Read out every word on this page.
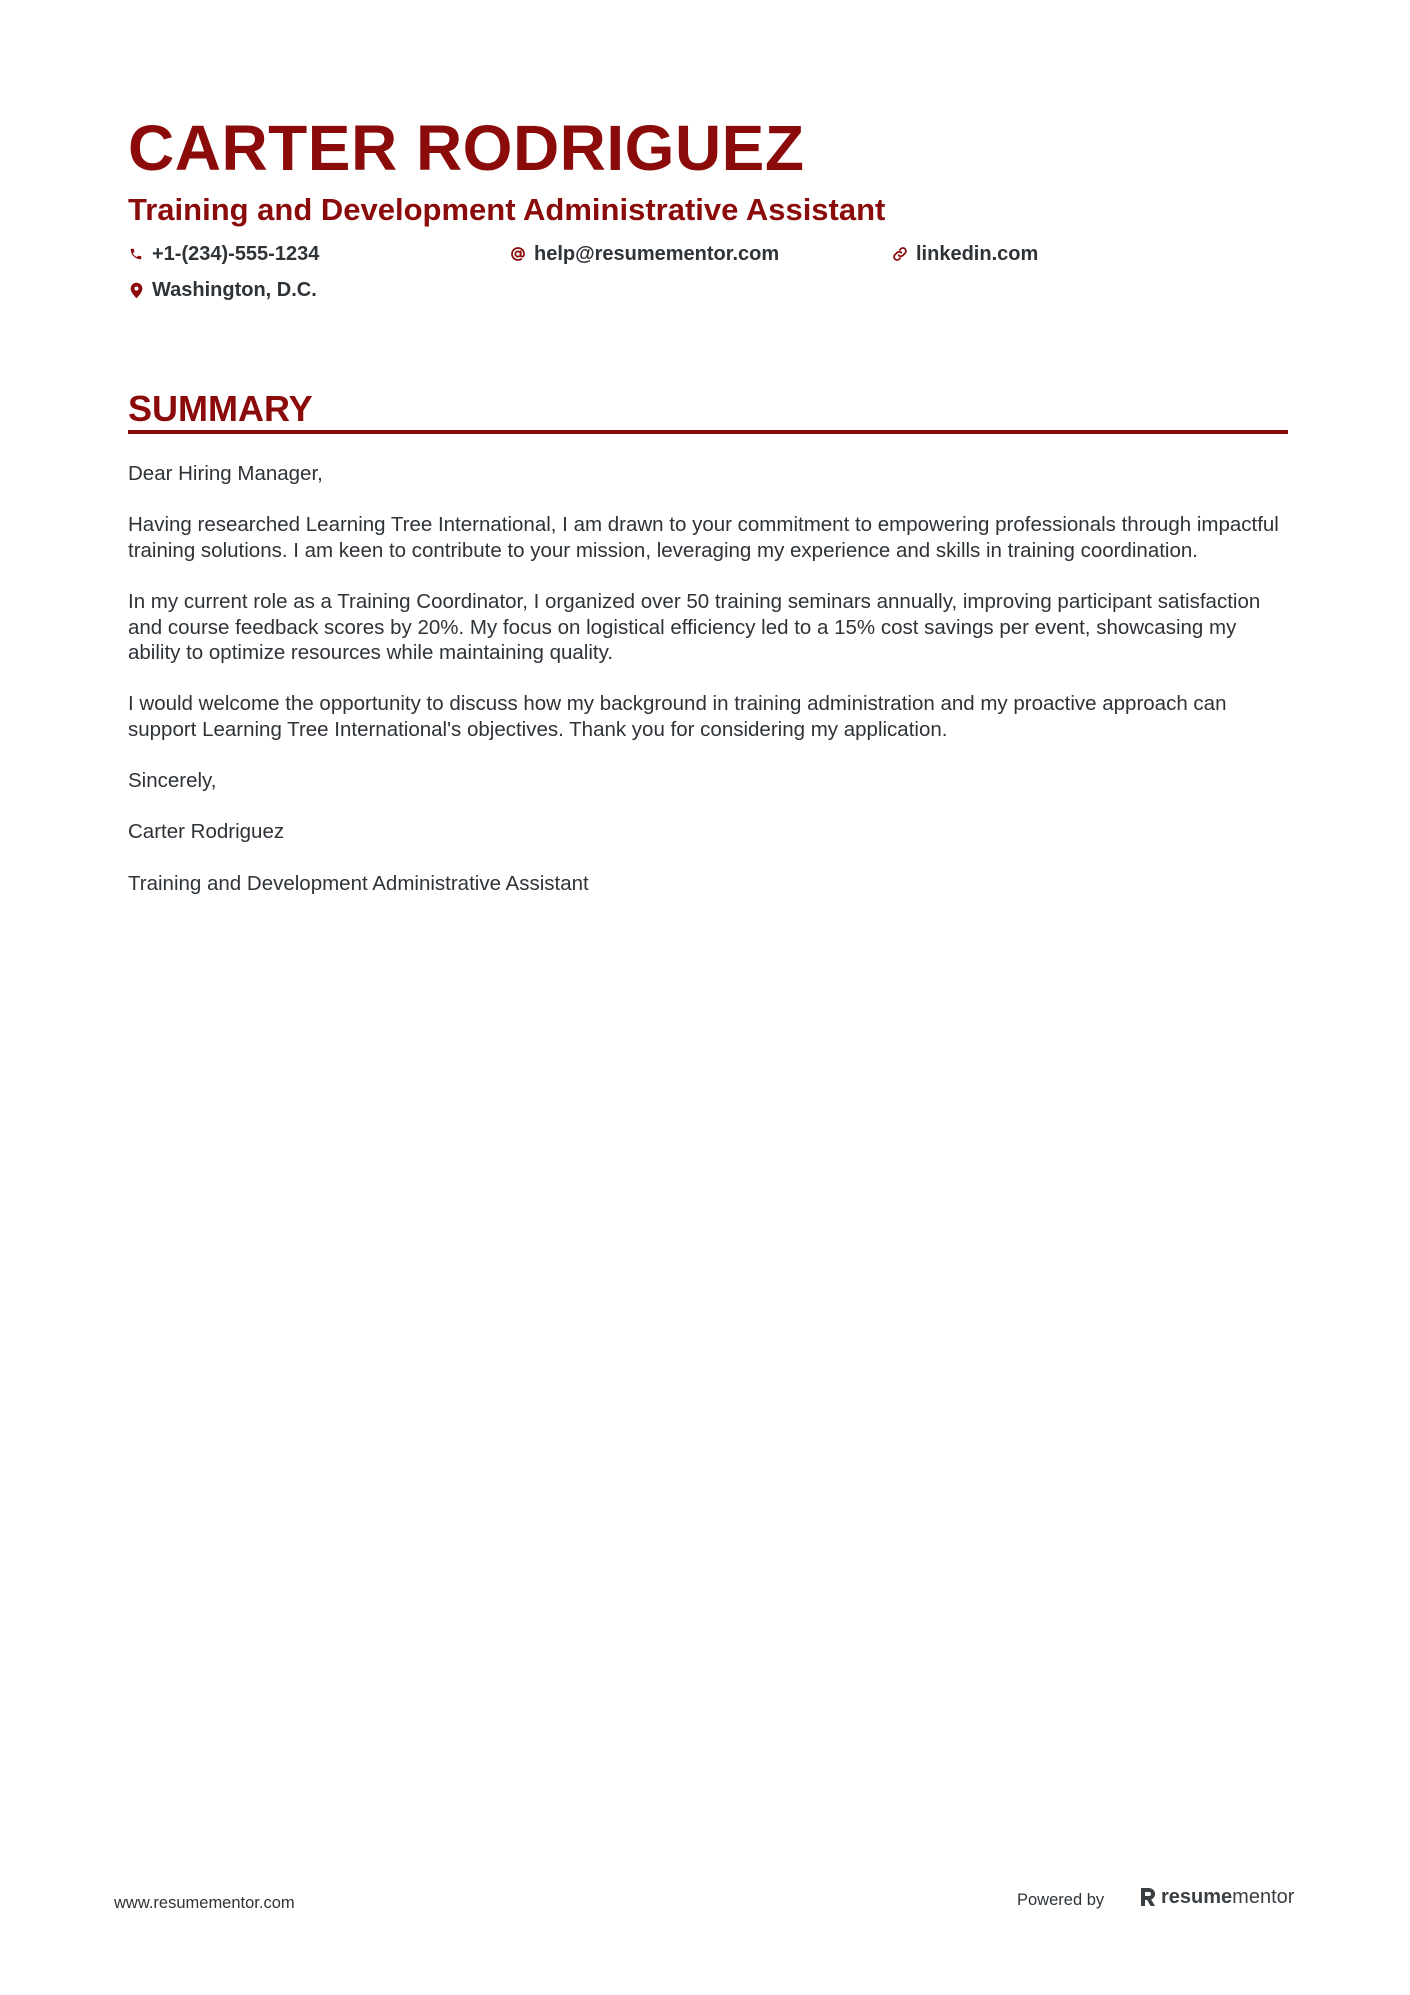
CARTER RODRIGUEZ
Training and Development Administrative Assistant
+1-(234)-555-1234	help@resumementor.com	linkedin.com
Washington, D.C.
SUMMARY

Dear Hiring Manager,

Having researched Learning Tree International, I am drawn to your commitment to empowering professionals through impactful training solutions. I am keen to contribute to your mission, leveraging my experience and skills in training coordination.

In my current role as a Training Coordinator, I organized over 50 training seminars annually, improving participant satisfaction and course feedback scores by 20%. My focus on logistical efficiency led to a 15% cost savings per event, showcasing my ability to optimize resources while maintaining quality.

I would welcome the opportunity to discuss how my background in training administration and my proactive approach can support Learning Tree International's objectives. Thank you for considering my application.

Sincerely,

Carter Rodriguez

Training and Development Administrative Assistant

www.resumementor.com	Powered by	resume mentor
